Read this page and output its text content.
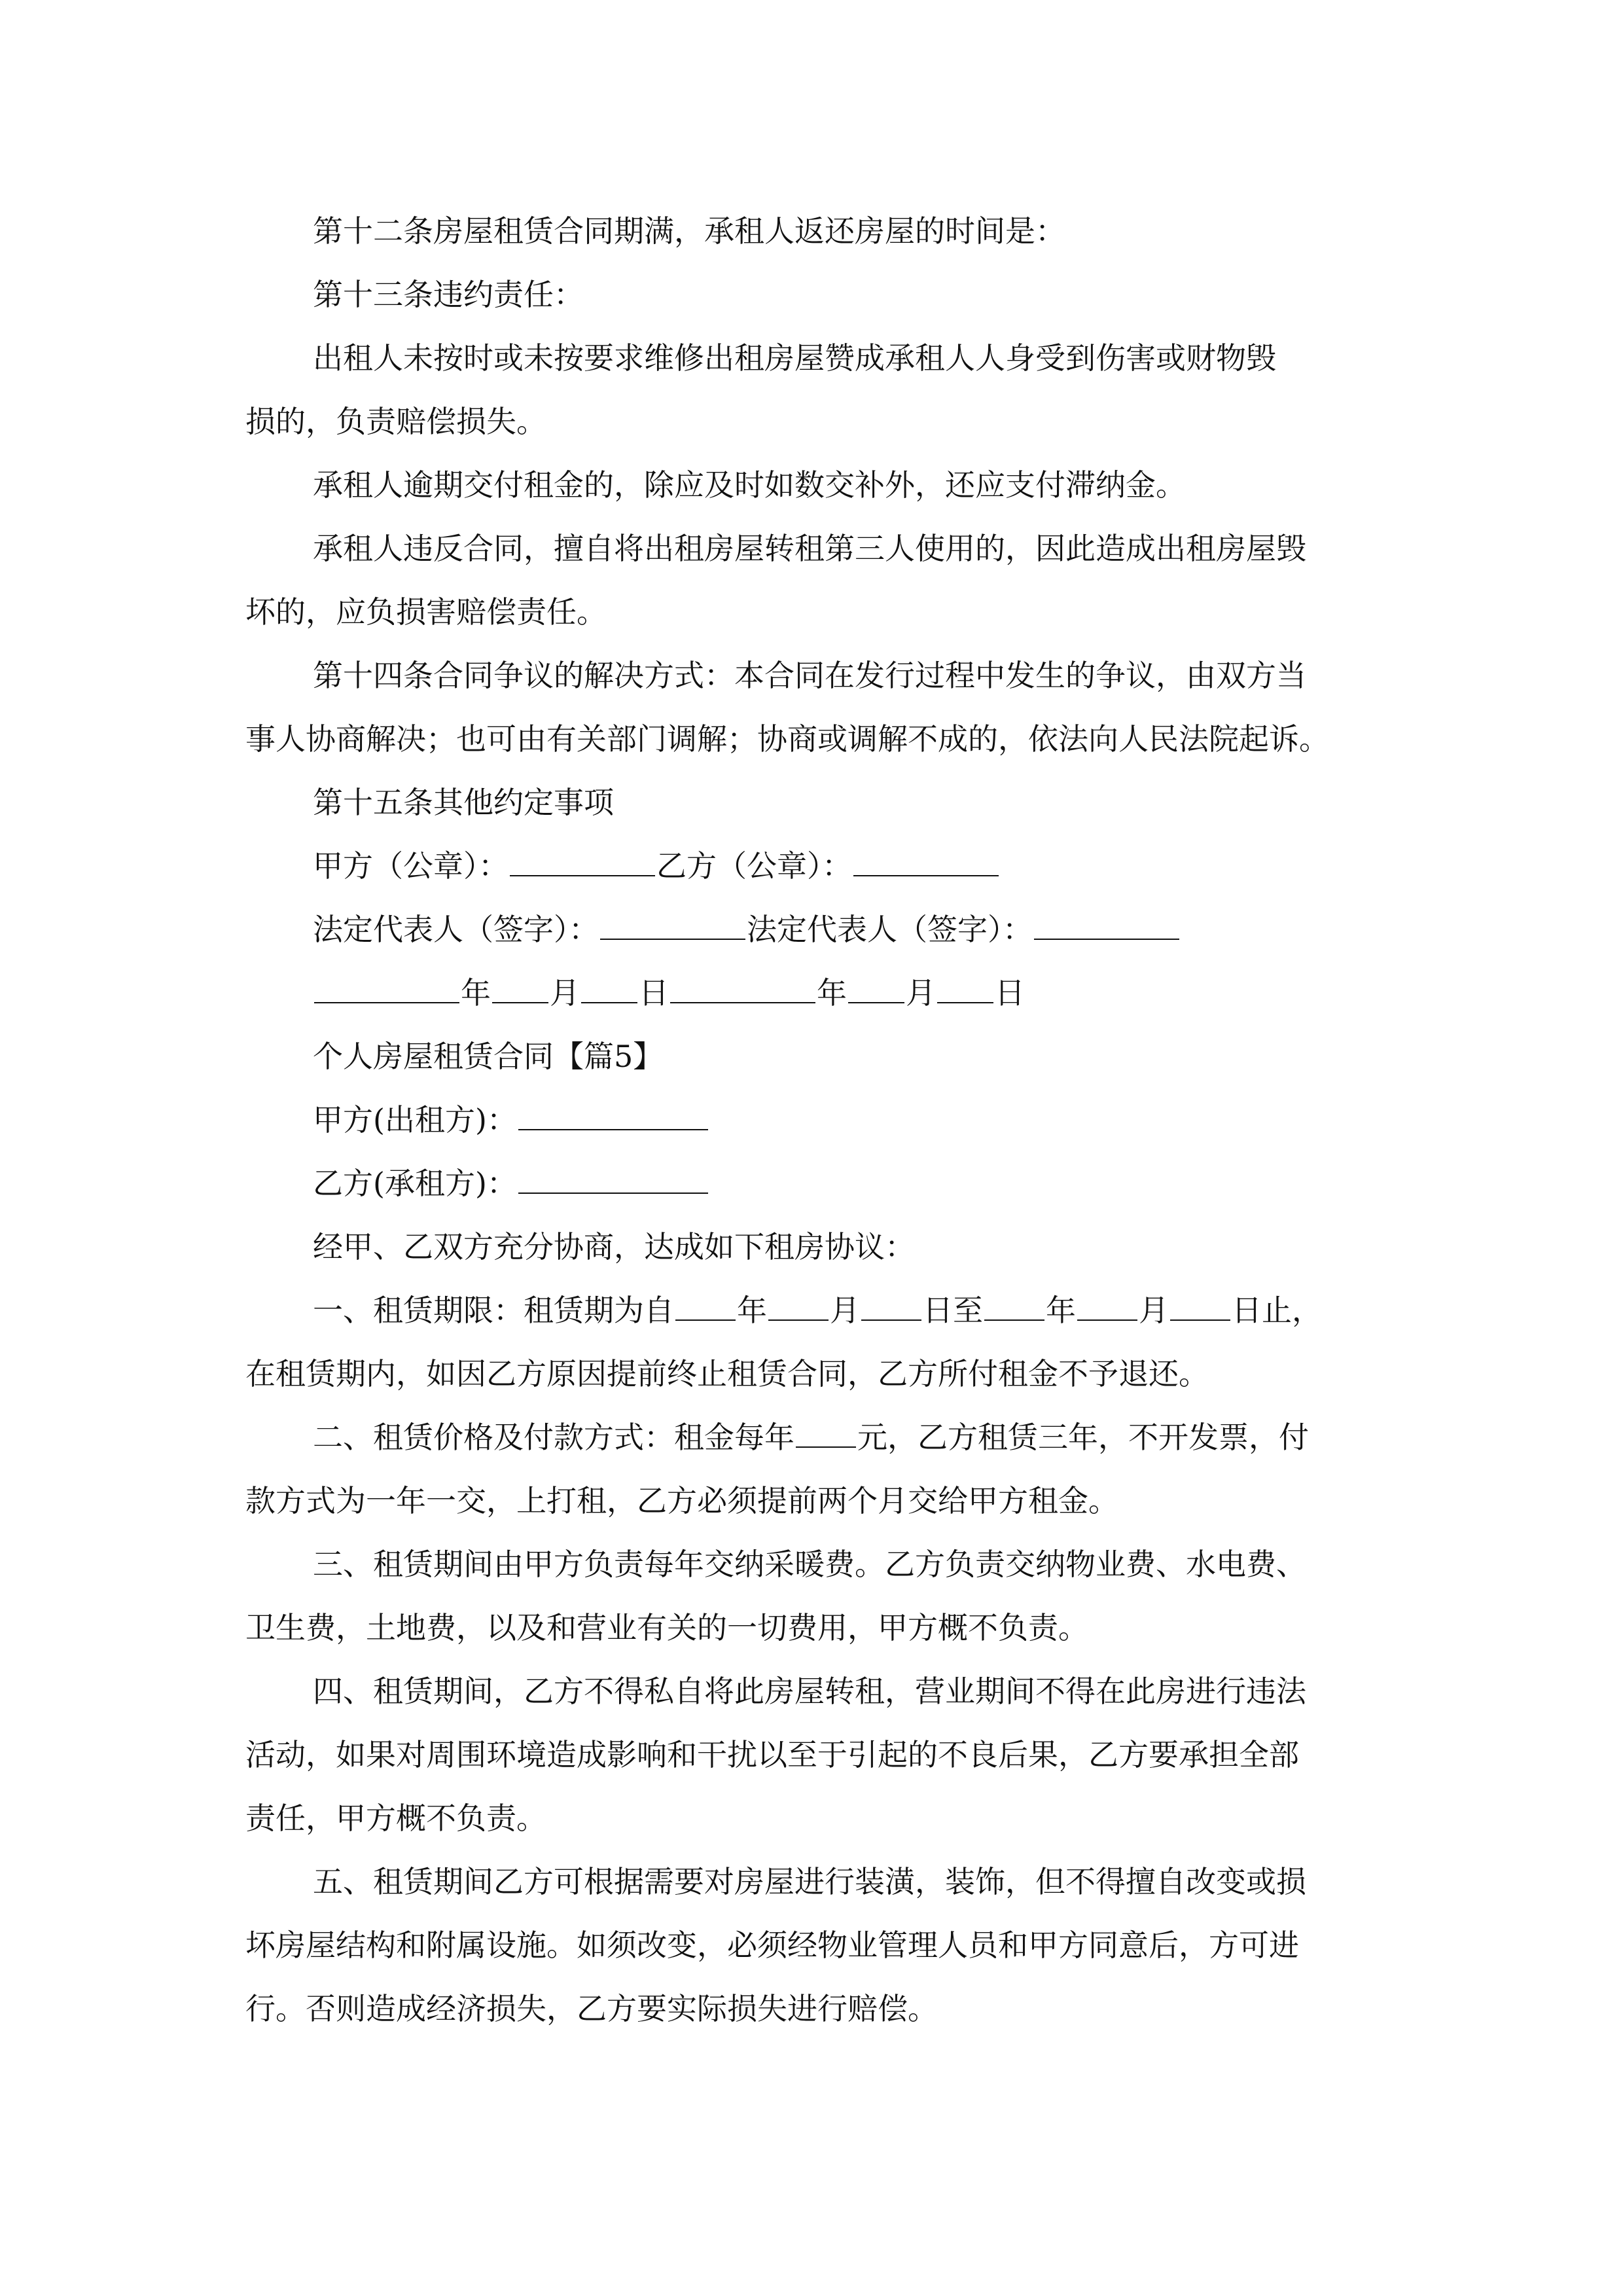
第十二条房屋租赁合同期满，承租人返还房屋的时间是：
第十三条违约责任：
出租人未按时或未按要求维修出租房屋赞成承租人人身受到伤害或财物毁
损的，负责赔偿损失。
承租人逾期交付租金的，除应及时如数交补外，还应支付滞纳金。
承租人违反合同，擅自将出租房屋转租第三人使用的，因此造成出租房屋毁
坏的，应负损害赔偿责任。
第十四条合同争议的解决方式：本合同在发行过程中发生的争议，由双方当
事人协商解决；也可由有关部门调解；协商或调解不成的，依法向人民法院起诉。
第十五条其他约定事项
甲方（公章）：	乙方（公章）：
法定代表人（签字）：	法定代表人（签字）：
年 月 日	年 月 日
个人房屋租赁合同【篇5】
甲方(出租方)：
乙方(承租方)：
经甲、乙双方充分协商，达成如下租房协议：
一、租赁期限：租赁期为自 年 月 日至 年 月 日止，
在租赁期内，如因乙方原因提前终止租赁合同，乙方所付租金不予退还。
二、租赁价格及付款方式：租金每年 元，乙方租赁三年，不开发票，付
款方式为一年一交，上打租，乙方必须提前两个月交给甲方租金。
三、租赁期间由甲方负责每年交纳采暖费。乙方负责交纳物业费、水电费、
卫生费，土地费，以及和营业有关的一切费用，甲方概不负责。
四、租赁期间，乙方不得私自将此房屋转租，营业期间不得在此房进行违法
活动，如果对周围环境造成影响和干扰以至于引起的不良后果，乙方要承担全部
责任，甲方概不负责。
五、租赁期间乙方可根据需要对房屋进行装潢，装饰，但不得擅自改变或损
坏房屋结构和附属设施。如须改变，必须经物业管理人员和甲方同意后，方可进
行。否则造成经济损失，乙方要实际损失进行赔偿。
